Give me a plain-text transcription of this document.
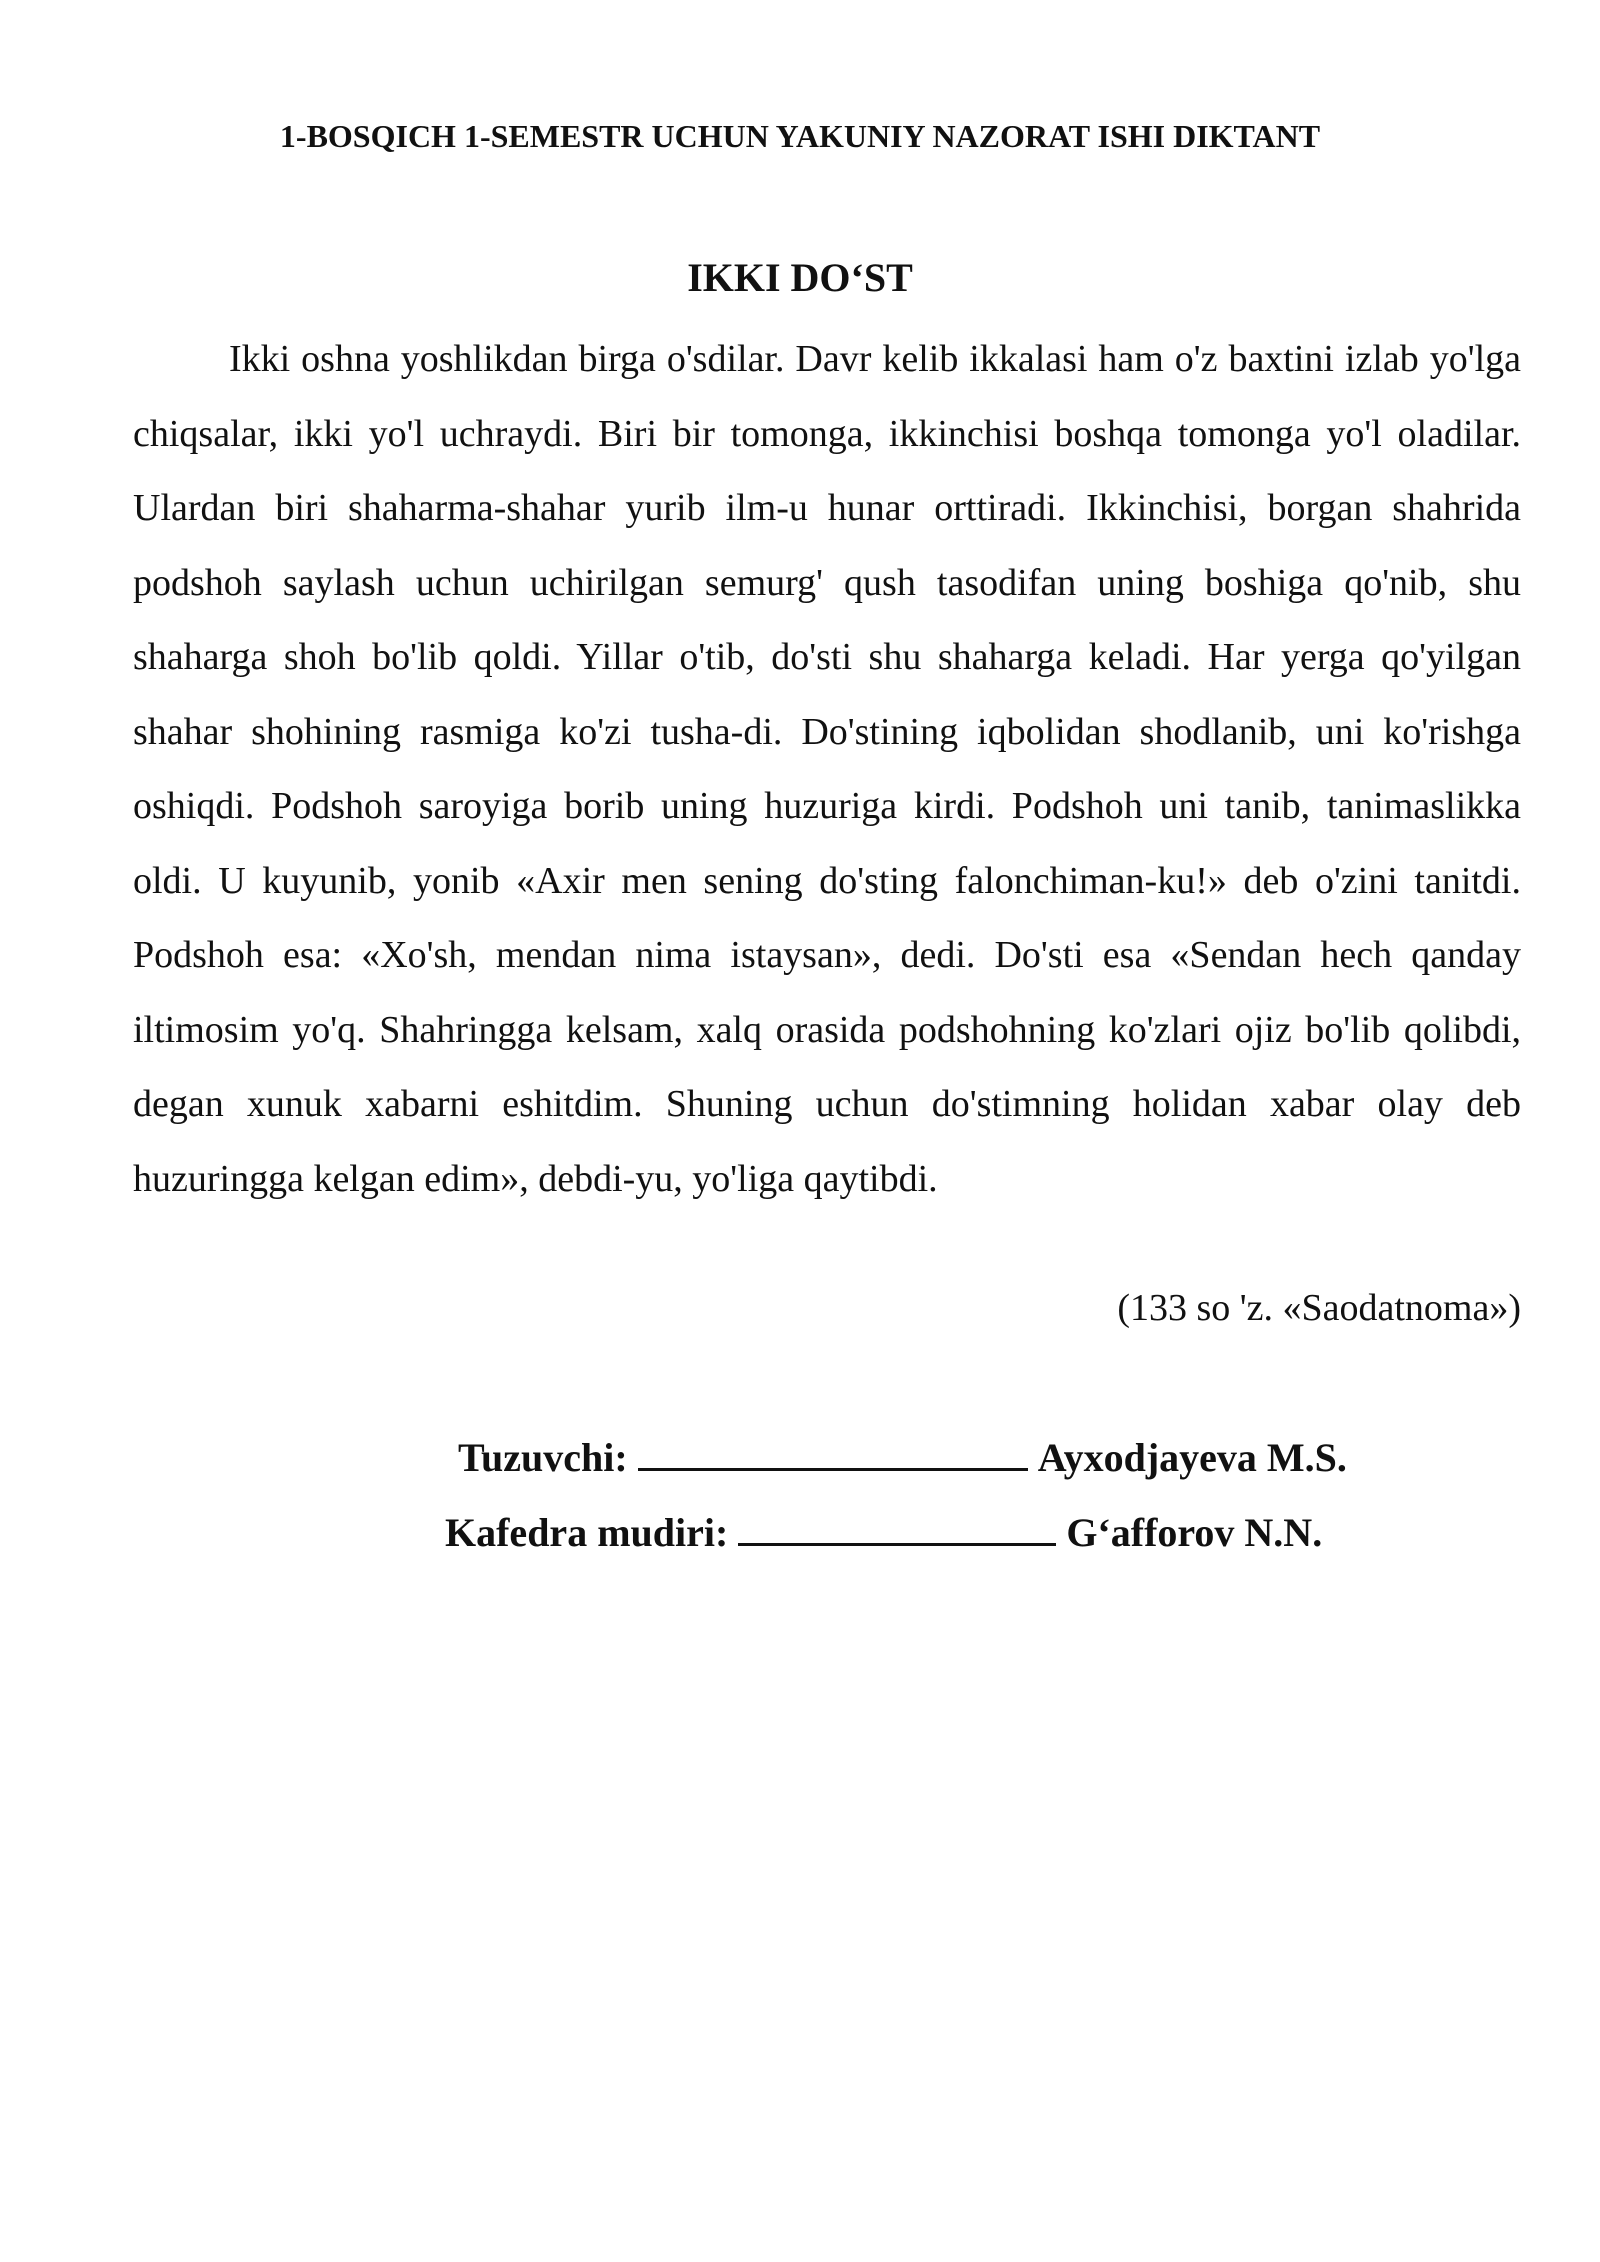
1-BOSQICH 1-SEMESTR UCHUN YAKUNIY NAZORAT ISHI DIKTANT
IKKI DO‘ST

Ikki oshna yoshlikdan birga o'sdilar. Davr kelib ikkalasi ham o'z baxtini izlab yo'lga chiqsalar, ikki yo'l uchraydi. Biri bir tomonga, ikkinchisi boshqa tomonga yo'l oladilar. Ulardan biri shaharma-shahar yurib ilm-u hunar orttiradi. Ikkinchisi, borgan shahrida podshoh saylash uchun uchirilgan semurg' qush tasodifan uning boshiga qo'nib, shu shaharga shoh bo'lib qoldi. Yillar o'tib, do'sti shu shaharga keladi. Har yerga qo'yilgan shahar shohining rasmiga ko'zi tusha-di. Do'stining iqbolidan shodlanib, uni ko'rishga oshiqdi. Podshoh saroyiga borib uning huzuriga kirdi. Podshoh uni tanib, tanimaslikka oldi. U kuyunib, yonib «Axir men sening do'sting falonchiman-ku!» deb o'zini tanitdi. Podshoh esa: «Xo'sh, mendan nima istaysan», dedi. Do'sti esa «Sendan hech qanday iltimosim yo'q. Shahringga kelsam, xalq orasida podshohning ko'zlari ojiz bo'lib qolibdi, degan xunuk xabarni eshitdim. Shuning uchun do'stimning holidan xabar olay deb huzuringga kelgan edim», debdi-yu, yo'liga qaytibdi.

(133 so 'z. «Saodatnoma»)
Tuzuvchi:	Ayxodjayeva M.S.
Kafedra mudiri:	G‘afforov N.N.
